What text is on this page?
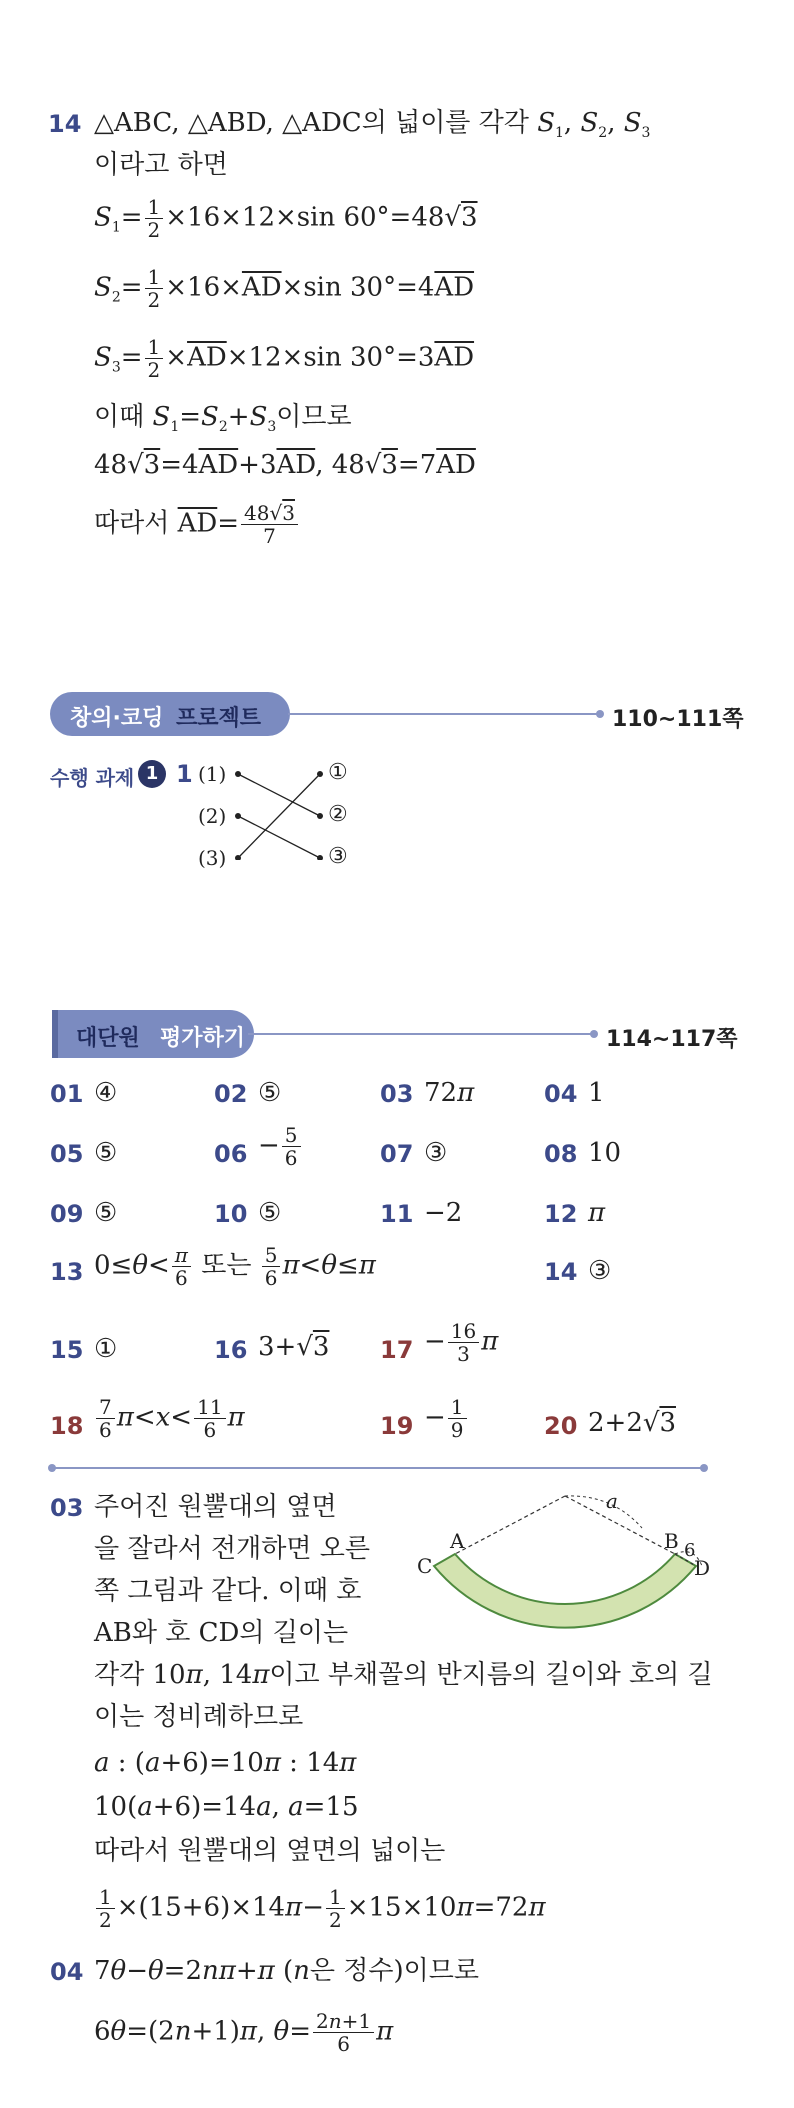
14 △ABC, △ABD, △ADC의 넓이를 각각 $S_1$, $S_2$, $S_3$
이라고 하면
$S_1= \frac{1}{2} \times 16\times 12\times\sin$ 60°=48√3
$S_2= \frac{1}{2} \times 16\times\overline{AD}\times\sin$ $30^\circ=4\overline{AD}$
$S_3= \frac{1}{2} \times\overline{AD}\times 12\times\sin$ $30^\circ=3\overline{AD}$
이때 $S_1=S_2+S_3$이므로
$48√3=4\overline{AD}+3\overline{AD}$, $48√3=7\overline{AD}$
따라서 $\overline{AD}= \frac{48√3}{7}$
창의·코딩 프로젝트	110~111쪽
수행 과제 1 1 (1)
(2)
(3)
①
②
③
대단원 평가하기	114~117쪽
01 ④	02 ⑤	03 72π	04 1
05 ⑤	$06 - \frac{5}{6}$	07 ③	08 10
09 ⑤	10 ⑤	11 −2	12 π
13 $0\le\theta< \frac{\pi}{6}$ 또는 $\frac{5}{6} \pi<\theta\le\pi$	14 ③
15 ①	16 3+√3 $17 - \frac{16}{3}$ π
$18 \frac{7}{6} \pi<x< \frac{11}{6}$ π	$19 - \frac{1}{9}$	20 2+2√3
03 주어진 원뿔대의 옆면
을 잘라서 전개하면 오른
쪽 그림과 같다. 이때 호
AB와 호 CD의 길이는
각각 10π, 14π이고 부채꼴의 반지름의 길이와 호의 길
이는 정비례하므로
a : (a+6)=10π : 14π
10(a+6)=14a, a=15
따라서 원뿔대의 옆면의 넓이는
$\frac{1}{2} \times(15+6)\times 14\pi- \frac{1}{2} \times 15\times 10\pi=72\pi$
A
C
B
D
a
6
04 7θ−θ=2nπ+π (n은 정수)이므로
6θ=(2n+1)π, $\theta= \frac{2n+1}{6}$ π
